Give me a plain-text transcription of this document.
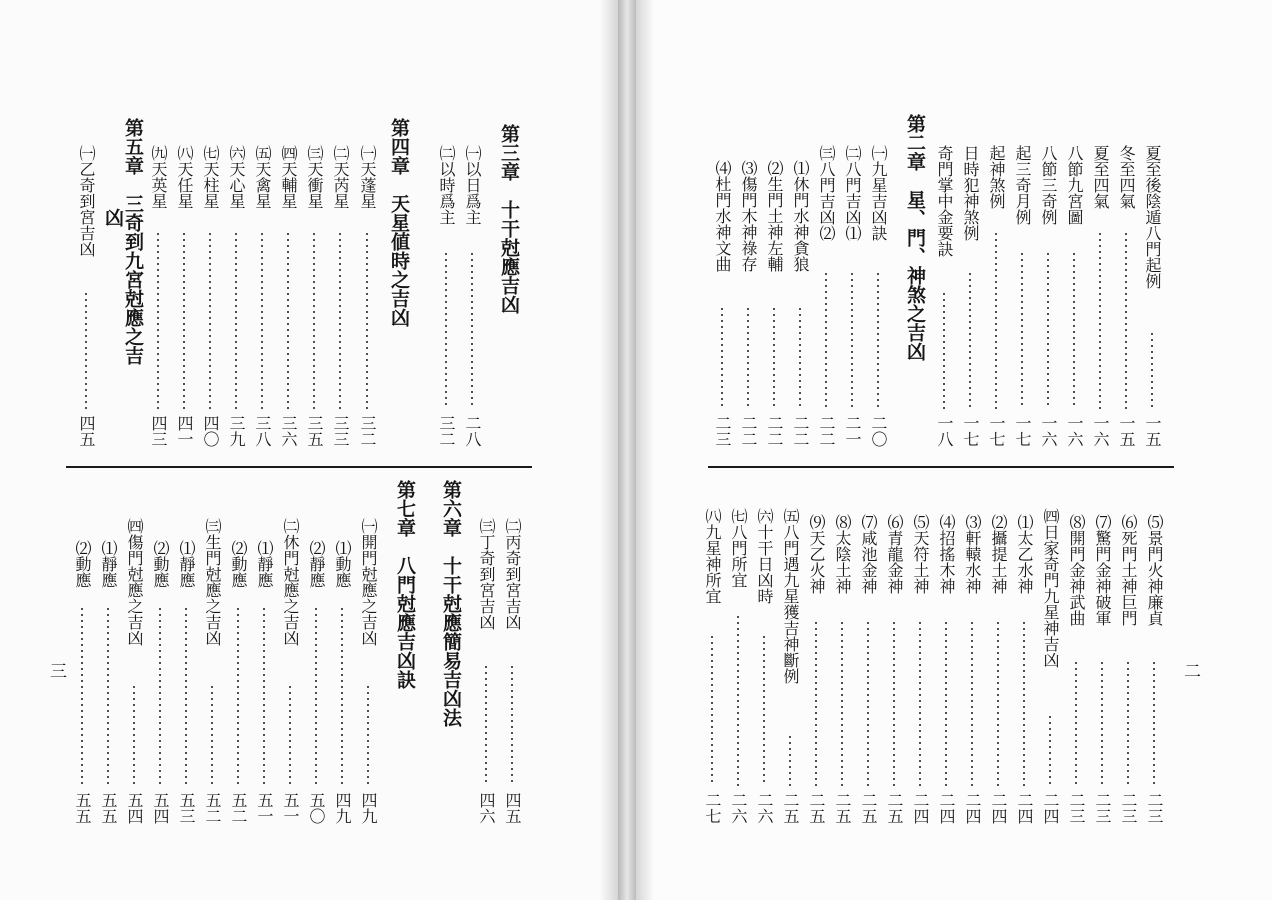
第三章　十干尅應吉凶
㈠以日爲主
二八
㈡以時爲主
三二
第四章　天星値時之吉凶
㈠天蓬星
三二
㈡天芮星
三三
㈢天衝星
三五
㈣天輔星
三六
㈤天禽星
三八
㈥天心星
三九
㈦天柱星
四〇
㈧天任星
四一
㈨天英星
四三
第五章　三奇到九宮尅應之吉
凶
㈠乙奇到宮吉凶
四五
㈡丙奇到宮吉凶
四五
㈢丁奇到宮吉凶
四六
第六章　十干尅應簡易吉凶法
第七章　八門尅應吉凶訣
㈠開門尅應之吉凶
四九
⑴動應
四九
⑵靜應
五〇
㈡休門尅應之吉凶
五一
⑴靜應
五一
⑵動應
五二
㈢生門尅應之吉凶
五二
⑴靜應
五三
⑵動應
五四
㈣傷門尅應之吉凶
五四
⑴靜應
五五
⑵動應
五五
夏至後陰遁八門起例
一五
冬至四氣
一五
夏至四氣
一六
八節九宮圖
一六
八節三奇例
一六
起三奇月例
一七
起神煞例
一七
日時犯神煞例
一七
奇門掌中金要訣
一八
第二章　星、門、神煞之吉凶
㈠九星吉凶訣
二〇
㈡八門吉凶⑴
二一
㈢八門吉凶⑵
二二
⑴休門水神貪狼
二二
⑵生門土神左輔
二二
⑶傷門木神祿存
二二
⑷杜門水神文曲
二三
⑸景門火神廉貞
二三
⑹死門土神巨門
二三
⑺驚門金神破軍
二三
⑻開門金神武曲
二三
㈣日家奇門九星神吉凶
二四
⑴太乙水神
二四
⑵攝提土神
二四
⑶軒轅水神
二四
⑷招搖木神
二四
⑸天符土神
二四
⑹青龍金神
二五
⑺咸池金神
二五
⑻太陰土神
二五
⑼天乙火神
二五
㈤八門遇九星獲吉神斷例
二五
㈥十干日凶時
二六
㈦八門所宜
二六
㈧九星神所宜
二七
三	二
